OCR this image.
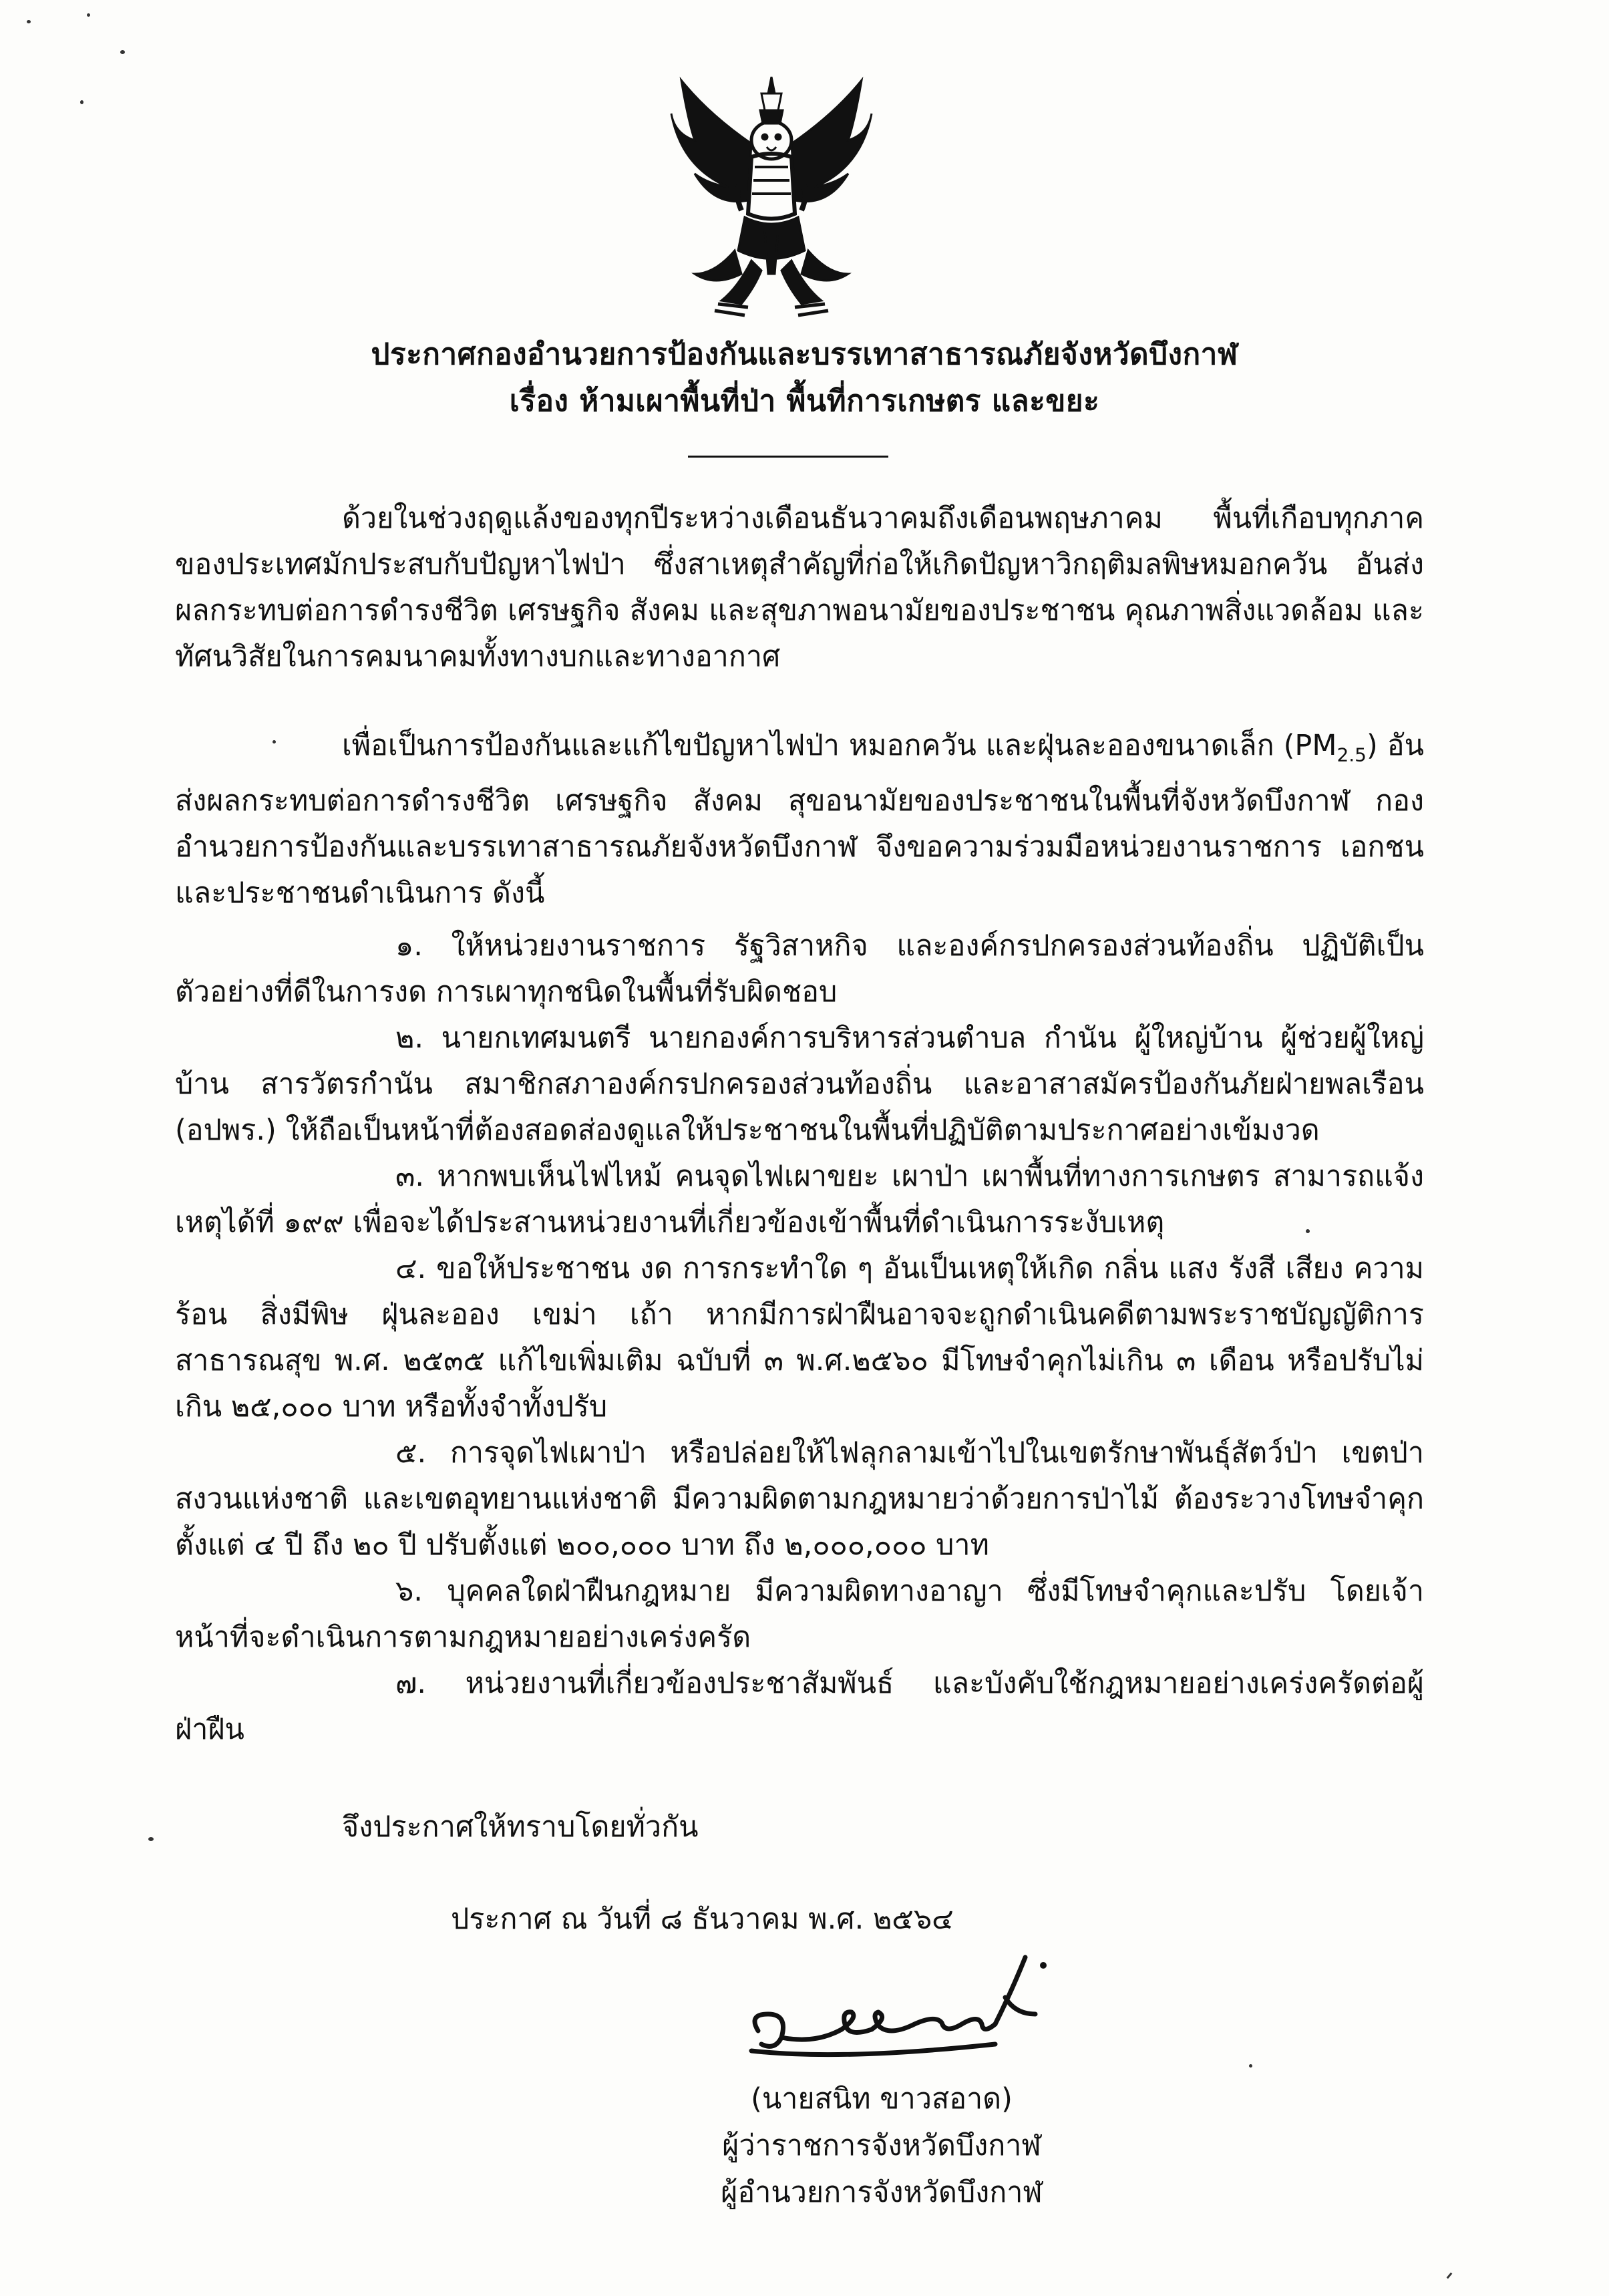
ประกาศกองอำนวยการป้องกันและบรรเทาสาธารณภัยจังหวัดบึงกาฬ
เรื่อง ห้ามเผาพื้นที่ป่า พื้นที่การเกษตร และขยะ

ด้วยในช่วงฤดูแล้งของทุกปีระหว่างเดือนธันวาคมถึงเดือนพฤษภาคม พื้นที่เกือบทุกภาคของประเทศมักประสบกับปัญหาไฟป่า ซึ่งสาเหตุสำคัญที่ก่อให้เกิดปัญหาวิกฤติมลพิษหมอกควัน อันส่งผลกระทบต่อการดำรงชีวิต เศรษฐกิจ สังคม และสุขภาพอนามัยของประชาชน คุณภาพสิ่งแวดล้อม และทัศนวิสัยในการคมนาคมทั้งทางบกและทางอากาศ

เพื่อเป็นการป้องกันและแก้ไขปัญหาไฟป่า หมอกควัน และฝุ่นละอองขนาดเล็ก $(PM_{2.5})$ อันส่งผลกระทบต่อการดำรงชีวิต เศรษฐกิจ สังคม สุขอนามัยของประชาชนในพื้นที่จังหวัดบึงกาฬ กองอำนวยการป้องกันและบรรเทาสาธารณภัยจังหวัดบึงกาฬ จึงขอความร่วมมือหน่วยงานราชการ เอกชน และประชาชนดำเนินการ ดังนี้

๑. ให้หน่วยงานราชการ รัฐวิสาหกิจ และองค์กรปกครองส่วนท้องถิ่น ปฏิบัติเป็นตัวอย่างที่ดีในการงด การเผาทุกชนิดในพื้นที่รับผิดชอบ

๒. นายกเทศมนตรี นายกองค์การบริหารส่วนตำบล กำนัน ผู้ใหญ่บ้าน ผู้ช่วยผู้ใหญ่บ้าน สารวัตรกำนัน สมาชิกสภาองค์กรปกครองส่วนท้องถิ่น และอาสาสมัครป้องกันภัยฝ่ายพลเรือน (อปพร.) ให้ถือเป็นหน้าที่ต้องสอดส่องดูแลให้ประชาชนในพื้นที่ปฏิบัติตามประกาศอย่างเข้มงวด

๓. หากพบเห็นไฟไหม้ คนจุดไฟเผาขยะ เผาป่า เผาพื้นที่ทางการเกษตร สามารถแจ้งเหตุได้ที่ ๑๙๙ เพื่อจะได้ประสานหน่วยงานที่เกี่ยวข้องเข้าพื้นที่ดำเนินการระงับเหตุ

๔. ขอให้ประชาชน งด การกระทำใด ๆ อันเป็นเหตุให้เกิด กลิ่น แสง รังสี เสียง ความร้อน สิ่งมีพิษ ฝุ่นละออง เขม่า เถ้า หากมีการฝ่าฝืนอาจจะถูกดำเนินคดีตามพระราชบัญญัติการสาธารณสุข พ.ศ. ๒๕๓๕ แก้ไขเพิ่มเติม ฉบับที่ ๓ พ.ศ.๒๕๖๐ มีโทษจำคุกไม่เกิน ๓ เดือน หรือปรับไม่เกิน ๒๕,๐๐๐ บาท หรือทั้งจำทั้งปรับ

๕. การจุดไฟเผาป่า หรือปล่อยให้ไฟลุกลามเข้าไปในเขตรักษาพันธุ์สัตว์ป่า เขตป่าสงวนแห่งชาติ และเขตอุทยานแห่งชาติ มีความผิดตามกฎหมายว่าด้วยการป่าไม้ ต้องระวางโทษจำคุก ตั้งแต่ ๔ ปี ถึง ๒๐ ปี ปรับตั้งแต่ ๒๐๐,๐๐๐ บาท ถึง ๒,๐๐๐,๐๐๐ บาท

๖. บุคคลใดฝ่าฝืนกฎหมาย มีความผิดทางอาญา ซึ่งมีโทษจำคุกและปรับ โดยเจ้าหน้าที่จะดำเนินการตามกฎหมายอย่างเคร่งครัด

๗. หน่วยงานที่เกี่ยวข้องประชาสัมพันธ์ และบังคับใช้กฎหมายอย่างเคร่งครัดต่อผู้ฝ่าฝืน

จึงประกาศให้ทราบโดยทั่วกัน
ประกาศ ณ วันที่ ๘ ธันวาคม พ.ศ. ๒๕๖๔
(นายสนิท ขาวสอาด)
ผู้ว่าราชการจังหวัดบึงกาฬ
ผู้อำนวยการจังหวัดบึงกาฬ
